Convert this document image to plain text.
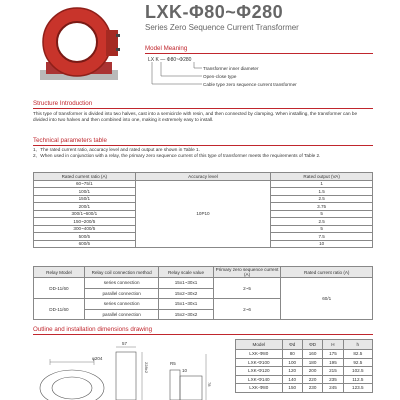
LXK-Φ80~Φ280
Series Zero Sequence Current Transformer
Model Meaning
LX K — Φ80~Φ280
Transformer inner diameter
Open-close type
Cable type zero sequence current transformer
Structure Introduction
This type of transformer is divided into two halves, cast into a semicircle with resin, and then connected by clamping. When installing, the transformer can be divided into two halves and then combined into one, making it extremely easy to install.
Technical parameters table
1、The rated current ratio, accuracy level and rated output are shown in Table 1.
2、When used in conjunction with a relay, the primary zero sequence current of this type of transformer meets the requirements of Table 2.
Rated current ratio (A)	Accuracy level	Rated output (VA)
60~75/1	10P10	1
100/1		1.5
150/1		2.5
200/1		3.75
300/1~600/1		5
150~200/5		2.5
300~400/5		5
500/5		7.5
600/5		10
Relay Model	Relay coil connection method	Relay scale value	Primary zero sequence current (A)	Rated current ratio (A)
DD-11/60	series connection	15x1~30x1	2~5	60/1
	parallel connection	15x2~30x2		
DD-11/60	series connection	15x1~30x1	2~6	
	parallel connection	15x2~30x2		
Outline and installation dimensions drawing
φ204
57
228±2	R5
10
78
Model	Φd	ΦD	H	h
LXK-Φ80	80	160	175	82.5
LXK-Φ100	100	180	195	92.5
LXK-Φ120	120	200	215	102.5
LXK-Φ140	140	220	235	112.5
LXK-Φ80	150	230	245	123.5
